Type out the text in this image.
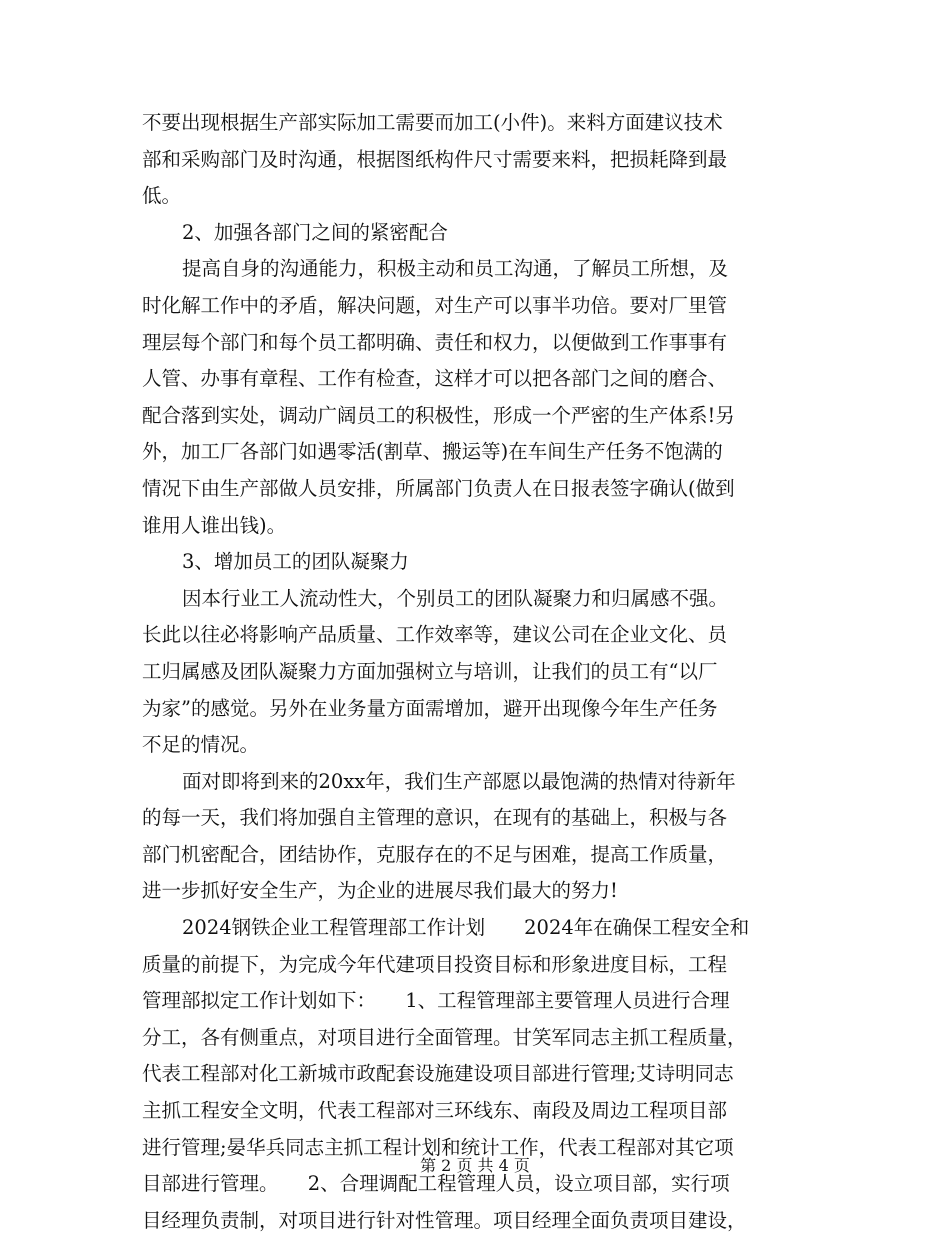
不要出现根据生产部实际加工需要而加工(小件)。来料方面建议技术
部和采购部门及时沟通，根据图纸构件尺寸需要来料，把损耗降到最
低。
2、加强各部门之间的紧密配合
提高自身的沟通能力，积极主动和员工沟通，了解员工所想，及
时化解工作中的矛盾，解决问题，对生产可以事半功倍。要对厂里管
理层每个部门和每个员工都明确、责任和权力，以便做到工作事事有
人管、办事有章程、工作有检查，这样才可以把各部门之间的磨合、
配合落到实处，调动广阔员工的积极性，形成一个严密的生产体系!另
外，加工厂各部门如遇零活(割草、搬运等)在车间生产任务不饱满的
情况下由生产部做人员安排，所属部门负责人在日报表签字确认(做到
谁用人谁出钱)。
3、增加员工的团队凝聚力
因本行业工人流动性大，个别员工的团队凝聚力和归属感不强。
长此以往必将影响产品质量、工作效率等，建议公司在企业文化、员
工归属感及团队凝聚力方面加强树立与培训，让我们的员工有“以厂
为家”的感觉。另外在业务量方面需增加，避开出现像今年生产任务
不足的情况。
面对即将到来的20xx年，我们生产部愿以最饱满的热情对待新年
的每一天，我们将加强自主管理的意识，在现有的基础上，积极与各
部门机密配合，团结协作，克服存在的不足与困难，提高工作质量，
进一步抓好安全生产，为企业的进展尽我们最大的努力!
2024钢铁企业工程管理部工作计划　　2024年在确保工程安全和
质量的前提下，为完成今年代建项目投资目标和形象进度目标，工程
管理部拟定工作计划如下：　　1、工程管理部主要管理人员进行合理
分工，各有侧重点，对项目进行全面管理。甘笑军同志主抓工程质量，
代表工程部对化工新城市政配套设施建设项目部进行管理;艾诗明同志
主抓工程安全文明，代表工程部对三环线东、南段及周边工程项目部
进行管理;晏华兵同志主抓工程计划和统计工作，代表工程部对其它项
目部进行管理。　　2、合理调配工程管理人员，设立项目部，实行项
目经理负责制，对项目进行针对性管理。项目经理全面负责项目建设，
第 2 页 共 4 页
